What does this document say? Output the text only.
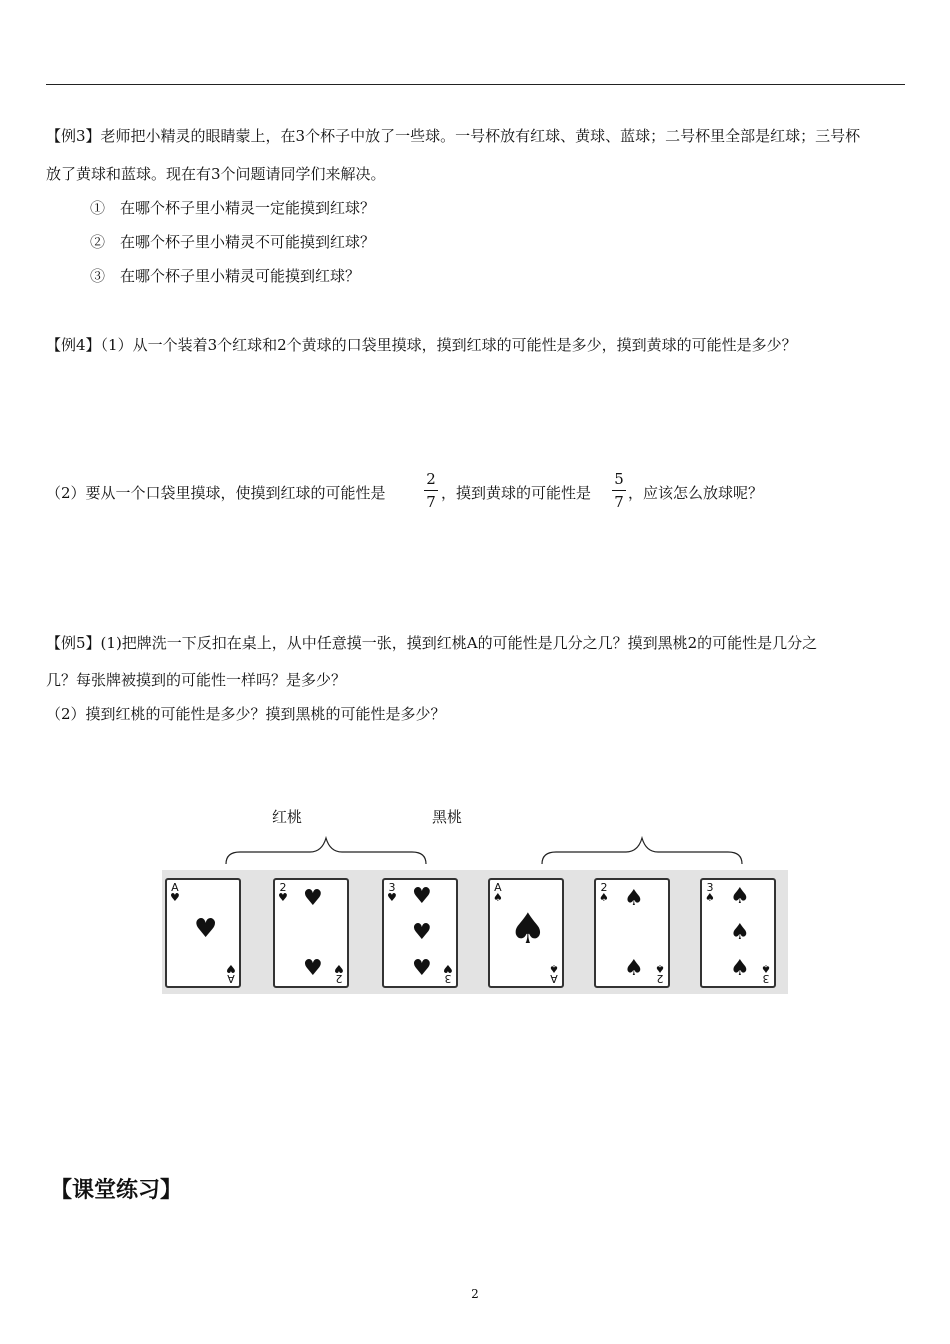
【例3】老师把小精灵的眼睛蒙上，在3个杯子中放了一些球。一号杯放有红球、黄球、蓝球；二号杯里全部是红球；三号杯
放了黄球和蓝球。现在有3个问题请同学们来解决。
①　在哪个杯子里小精灵一定能摸到红球？
②　在哪个杯子里小精灵不可能摸到红球？
③　在哪个杯子里小精灵可能摸到红球？
【例4】（1）从一个装着3个红球和2个黄球的口袋里摸球，摸到红球的可能性是多少，摸到黄球的可能性是多少？
（2）要从一个口袋里摸球，使摸到红球的可能性是
2
7 ，摸到黄球的可能性是
5
7 ，应该怎么放球呢？
【例5】(1)把牌洗一下反扣在桌上，从中任意摸一张，摸到红桃A的可能性是几分之几？摸到黑桃2的可能性是几分之
几？每张牌被摸到的可能性一样吗？是多少？
（2）摸到红桃的可能性是多少？摸到黑桃的可能性是多少？
红桃	黑桃
A
♥
♥
A
♥
2
♥ ♥
♥ 2
♥
3
♥ ♥
♥
♥ 3
♥
A
♠
♠
A
♠
2
♠ ♠
♠ 2
♠
3
♠ ♠
♠
♠ 3
♠
【课堂练习】
2
